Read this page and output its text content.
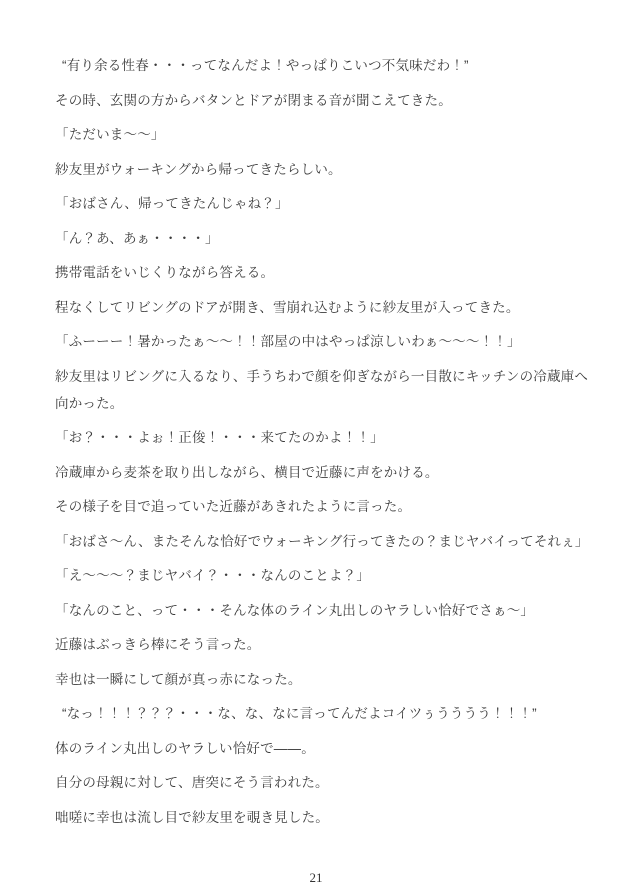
“有り余る性春・・・ってなんだよ！やっぱりこいつ不気味だわ！”

その時、玄関の方からバタンとドアが閉まる音が聞こえてきた。

「ただいま～～」

紗友里がウォーキングから帰ってきたらしい。

「おばさん、帰ってきたんじゃね？」

「ん？あ、あぁ・・・・」

携帯電話をいじくりながら答える。

程なくしてリビングのドアが開き、雪崩れ込むように紗友里が入ってきた。

「ふーーー！暑かったぁ～～！！部屋の中はやっぱ涼しいわぁ～～～！！」

紗友里はリビングに入るなり、手うちわで顔を仰ぎながら一目散にキッチンの冷蔵庫へ

向かった。

「お？・・・よぉ！正俊！・・・来てたのかよ！！」

冷蔵庫から麦茶を取り出しながら、横目で近藤に声をかける。

その様子を目で追っていた近藤があきれたように言った。

「おばさ～ん、またそんな恰好でウォーキング行ってきたの？まじヤバイってそれぇ」

「え～～～？まじヤバイ？・・・なんのことよ？」

「なんのこと、って・・・そんな体のライン丸出しのヤラしい恰好でさぁ～」

近藤はぶっきら棒にそう言った。

幸也は一瞬にして顔が真っ赤になった。

“なっ！！！？？？・・・な、な、なに言ってんだよコイツぅうううう！！！”

体のライン丸出しのヤラしい恰好で――。

自分の母親に対して、唐突にそう言われた。

咄嗟に幸也は流し目で紗友里を覗き見した。

21
